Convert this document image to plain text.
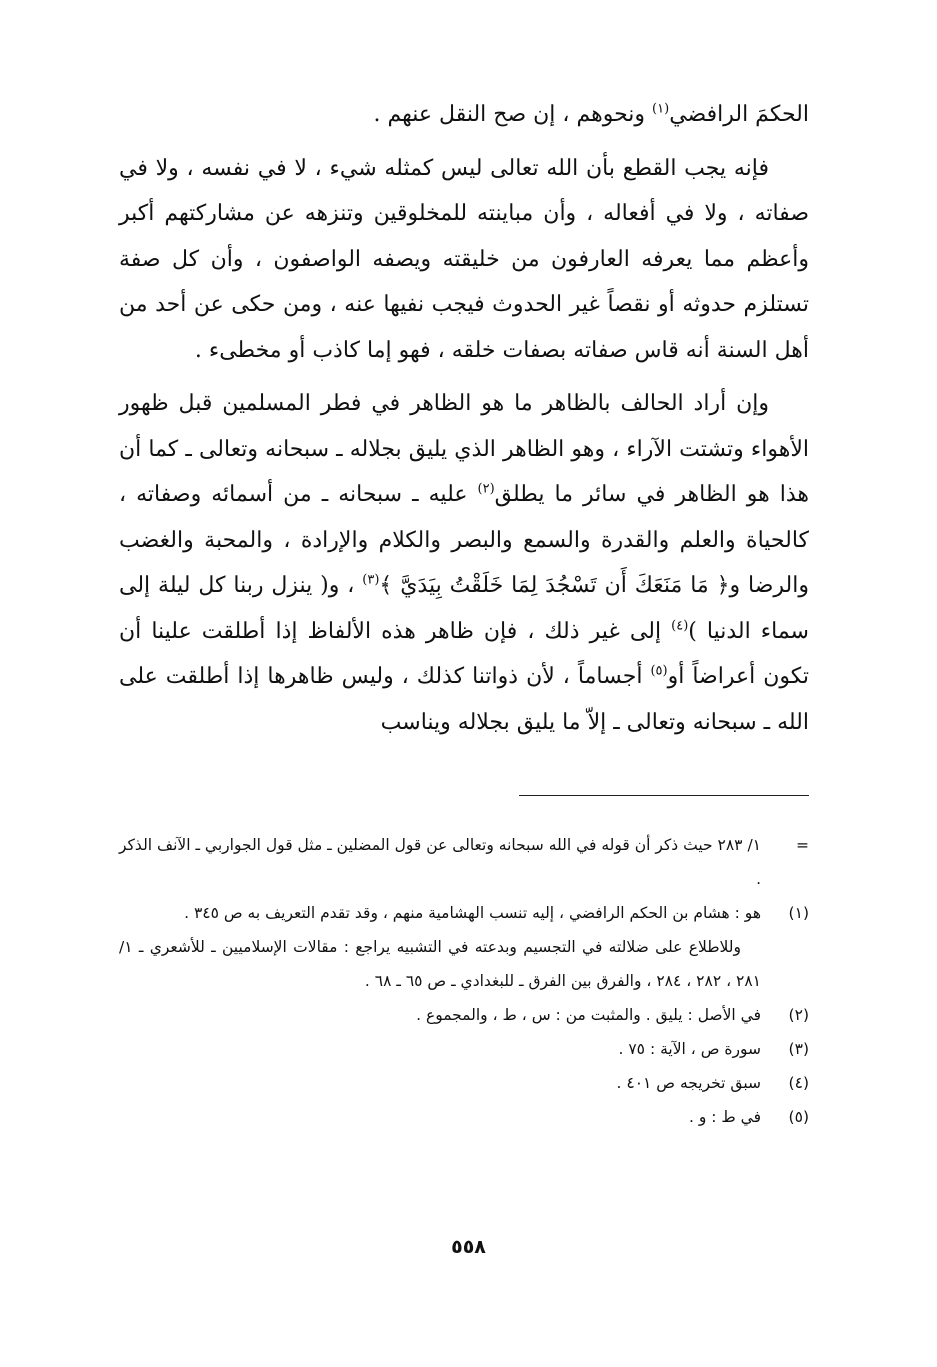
الحكمَ الرافضي$^{(١)}$ ونحوهم ، إن صح النقل عنهم .

فإنه يجب القطع بأن الله تعالى ليس كمثله شيء ، لا في نفسه ، ولا في صفاته ، ولا في أفعاله ، وأن مباينته للمخلوقين وتنزهه عن مشاركتهم أكبر وأعظم مما يعرفه العارفون من خليقته ويصفه الواصفون ، وأن كل صفة تستلزم حدوثه أو نقصاً غير الحدوث فيجب نفيها عنه ، ومن حكى عن أحد من أهل السنة أنه قاس صفاته بصفات خلقه ، فهو إما كاذب أو مخطىء .

وإن أراد الحالف بالظاهر ما هو الظاهر في فطر المسلمين قبل ظهور الأهواء وتشتت الآراء ، وهو الظاهر الذي يليق بجلاله ـ سبحانه وتعالى ـ كما أن هذا هو الظاهر في سائر ما يطلق$^{(٢)}$ عليه ـ سبحانه ـ من أسمائه وصفاته ، كالحياة والعلم والقدرة والسمع والبصر والكلام والإرادة ، والمحبة والغضب والرضا و﴿ مَا مَنَعَكَ أَن تَسْجُدَ لِمَا خَلَقْتُ بِيَدَيَّ ﴾$^{(٣)}$ ، و( ينزل ربنا كل ليلة إلى سماء الدنيا )$^{(٤)}$ إلى غير ذلك ، فإن ظاهر هذه الألفاظ إذا أطلقت علينا أن تكون أعراضاً أو$^{(٥)}$ أجساماً ، لأن ذواتنا كذلك ، وليس ظاهرها إذا أطلقت على الله ـ سبحانه وتعالى ـ إلاّ ما يليق بجلاله ويناسب

=
١/ ٢٨٣ حيث ذكر أن قوله في الله سبحانه وتعالى عن قول المضلين ـ مثل قول الجواربي ـ الآنف الذكر .
(١)
هو : هشام بن الحكم الرافضي ، إليه تنسب الهشامية منهم ، وقد تقدم التعريف به ص ٣٤٥ .
وللاطلاع على ضلالته في التجسيم وبدعته في التشبيه يراجع : مقالات الإسلاميين ـ للأشعري ـ ١/ ٢٨١ ، ٢٨٢ ، ٢٨٤ ، والفرق بين الفرق ـ للبغدادي ـ ص ٦٥ ـ ٦٨ .
(٢)
في الأصل : يليق . والمثبت من : س ، ط ، والمجموع .
(٣)
سورة ص ، الآية : ٧٥ .
(٤)
سبق تخريجه ص ٤٠١ .
(٥)
في ط : و .
٥٥٨
